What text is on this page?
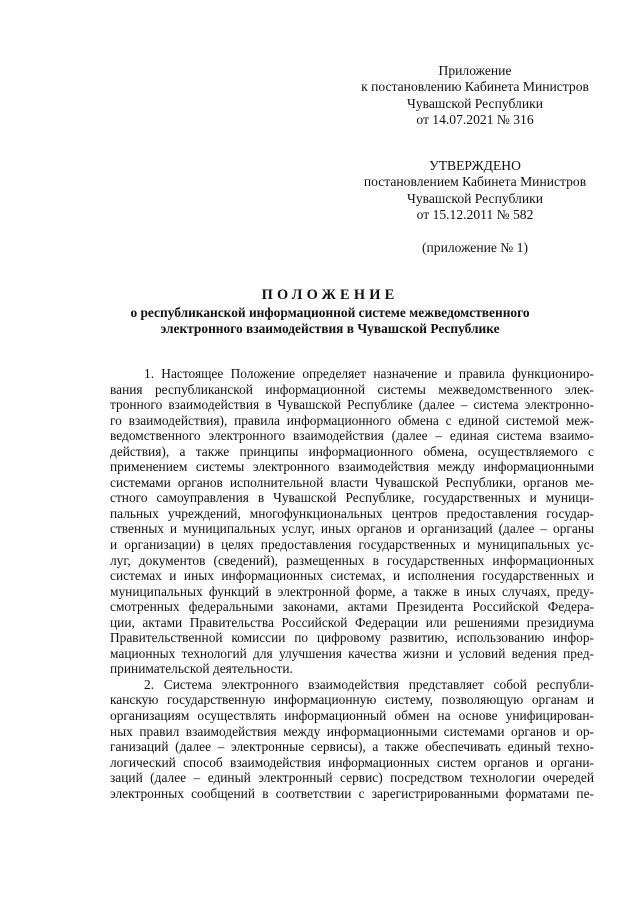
Приложение
к постановлению Кабинета Министров
Чувашской Республики
от 14.07.2021 № 316
УТВЕРЖДЕНО
постановлением Кабинета Министров
Чувашской Республики
от 15.12.2011 № 582
(приложение № 1)
ПОЛОЖЕНИЕ
о республиканской информационной системе межведомственного
электронного взаимодействия в Чувашской Республике
1. Настоящее Положение определяет назначение и правила функциониро-
вания республиканской информационной системы межведомственного элек-
тронного взаимодействия в Чувашской Республике (далее – система электронно-
го взаимодействия), правила информационного обмена с единой системой меж-
ведомственного электронного взаимодействия (далее – единая система взаимо-
действия), а также принципы информационного обмена, осуществляемого с
применением системы электронного взаимодействия между информационными
системами органов исполнительной власти Чувашской Республики, органов ме-
стного самоуправления в Чувашской Республике, государственных и муници-
пальных учреждений, многофункциональных центров предоставления государ-
ственных и муниципальных услуг, иных органов и организаций (далее – органы
и организации) в целях предоставления государственных и муниципальных ус-
луг, документов (сведений), размещенных в государственных информационных
системах и иных информационных системах, и исполнения государственных и
муниципальных функций в электронной форме, а также в иных случаях, преду-
смотренных федеральными законами, актами Президента Российской Федера-
ции, актами Правительства Российской Федерации или решениями президиума
Правительственной комиссии по цифровому развитию, использованию инфор-
мационных технологий для улучшения качества жизни и условий ведения пред-
принимательской деятельности.
2. Система электронного взаимодействия представляет собой республи-
канскую государственную информационную систему, позволяющую органам и
организациям осуществлять информационный обмен на основе унифицирован-
ных правил взаимодействия между информационными системами органов и ор-
ганизаций (далее – электронные сервисы), а также обеспечивать единый техно-
логический способ взаимодействия информационных систем органов и органи-
заций (далее – единый электронный сервис) посредством технологии очередей
электронных сообщений в соответствии с зарегистрированными форматами пе-
